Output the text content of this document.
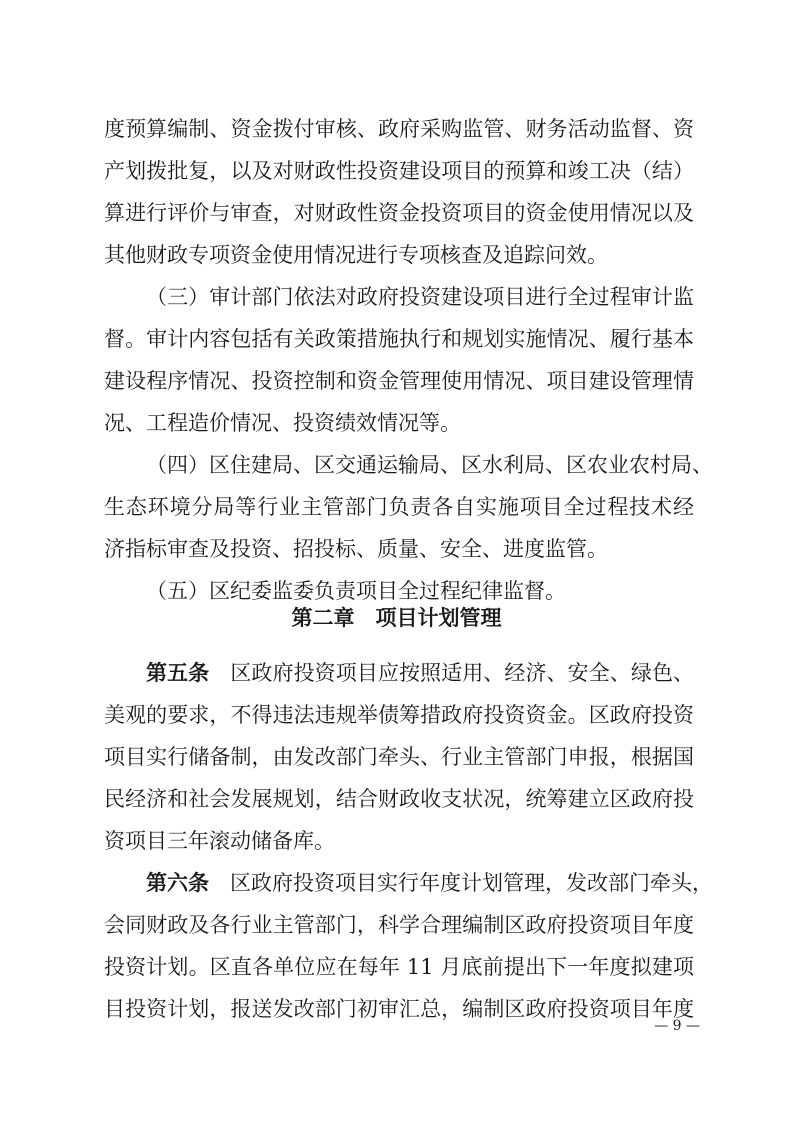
度预算编制、资金拨付审核、政府采购监管、财务活动监督、资
产划拨批复，以及对财政性投资建设项目的预算和竣工决（结）
算进行评价与审查，对财政性资金投资项目的资金使用情况以及
其他财政专项资金使用情况进行专项核查及追踪问效。
（三）审计部门依法对政府投资建设项目进行全过程审计监
督。审计内容包括有关政策措施执行和规划实施情况、履行基本
建设程序情况、投资控制和资金管理使用情况、项目建设管理情
况、工程造价情况、投资绩效情况等。
（四）区住建局、区交通运输局、区水利局、区农业农村局、
生态环境分局等行业主管部门负责各自实施项目全过程技术经
济指标审查及投资、招投标、质量、安全、进度监管。
（五）区纪委监委负责项目全过程纪律监督。
第二章　项目计划管理
第五条　 区政府投资项目应按照适用、经济、安全、绿色、
美观的要求，不得违法违规举债筹措政府投资资金。区政府投资
项目实行储备制，由发改部门牵头、行业主管部门申报，根据国
民经济和社会发展规划，结合财政收支状况，统筹建立区政府投
资项目三年滚动储备库。
第六条　 区政府投资项目实行年度计划管理，发改部门牵头，
会同财政及各行业主管部门，科学合理编制区政府投资项目年度
投资计划。区直各单位应在每年 11 月底前提出下一年度拟建项
目投资计划，报送发改部门初审汇总，编制区政府投资项目年度
— 9 —
